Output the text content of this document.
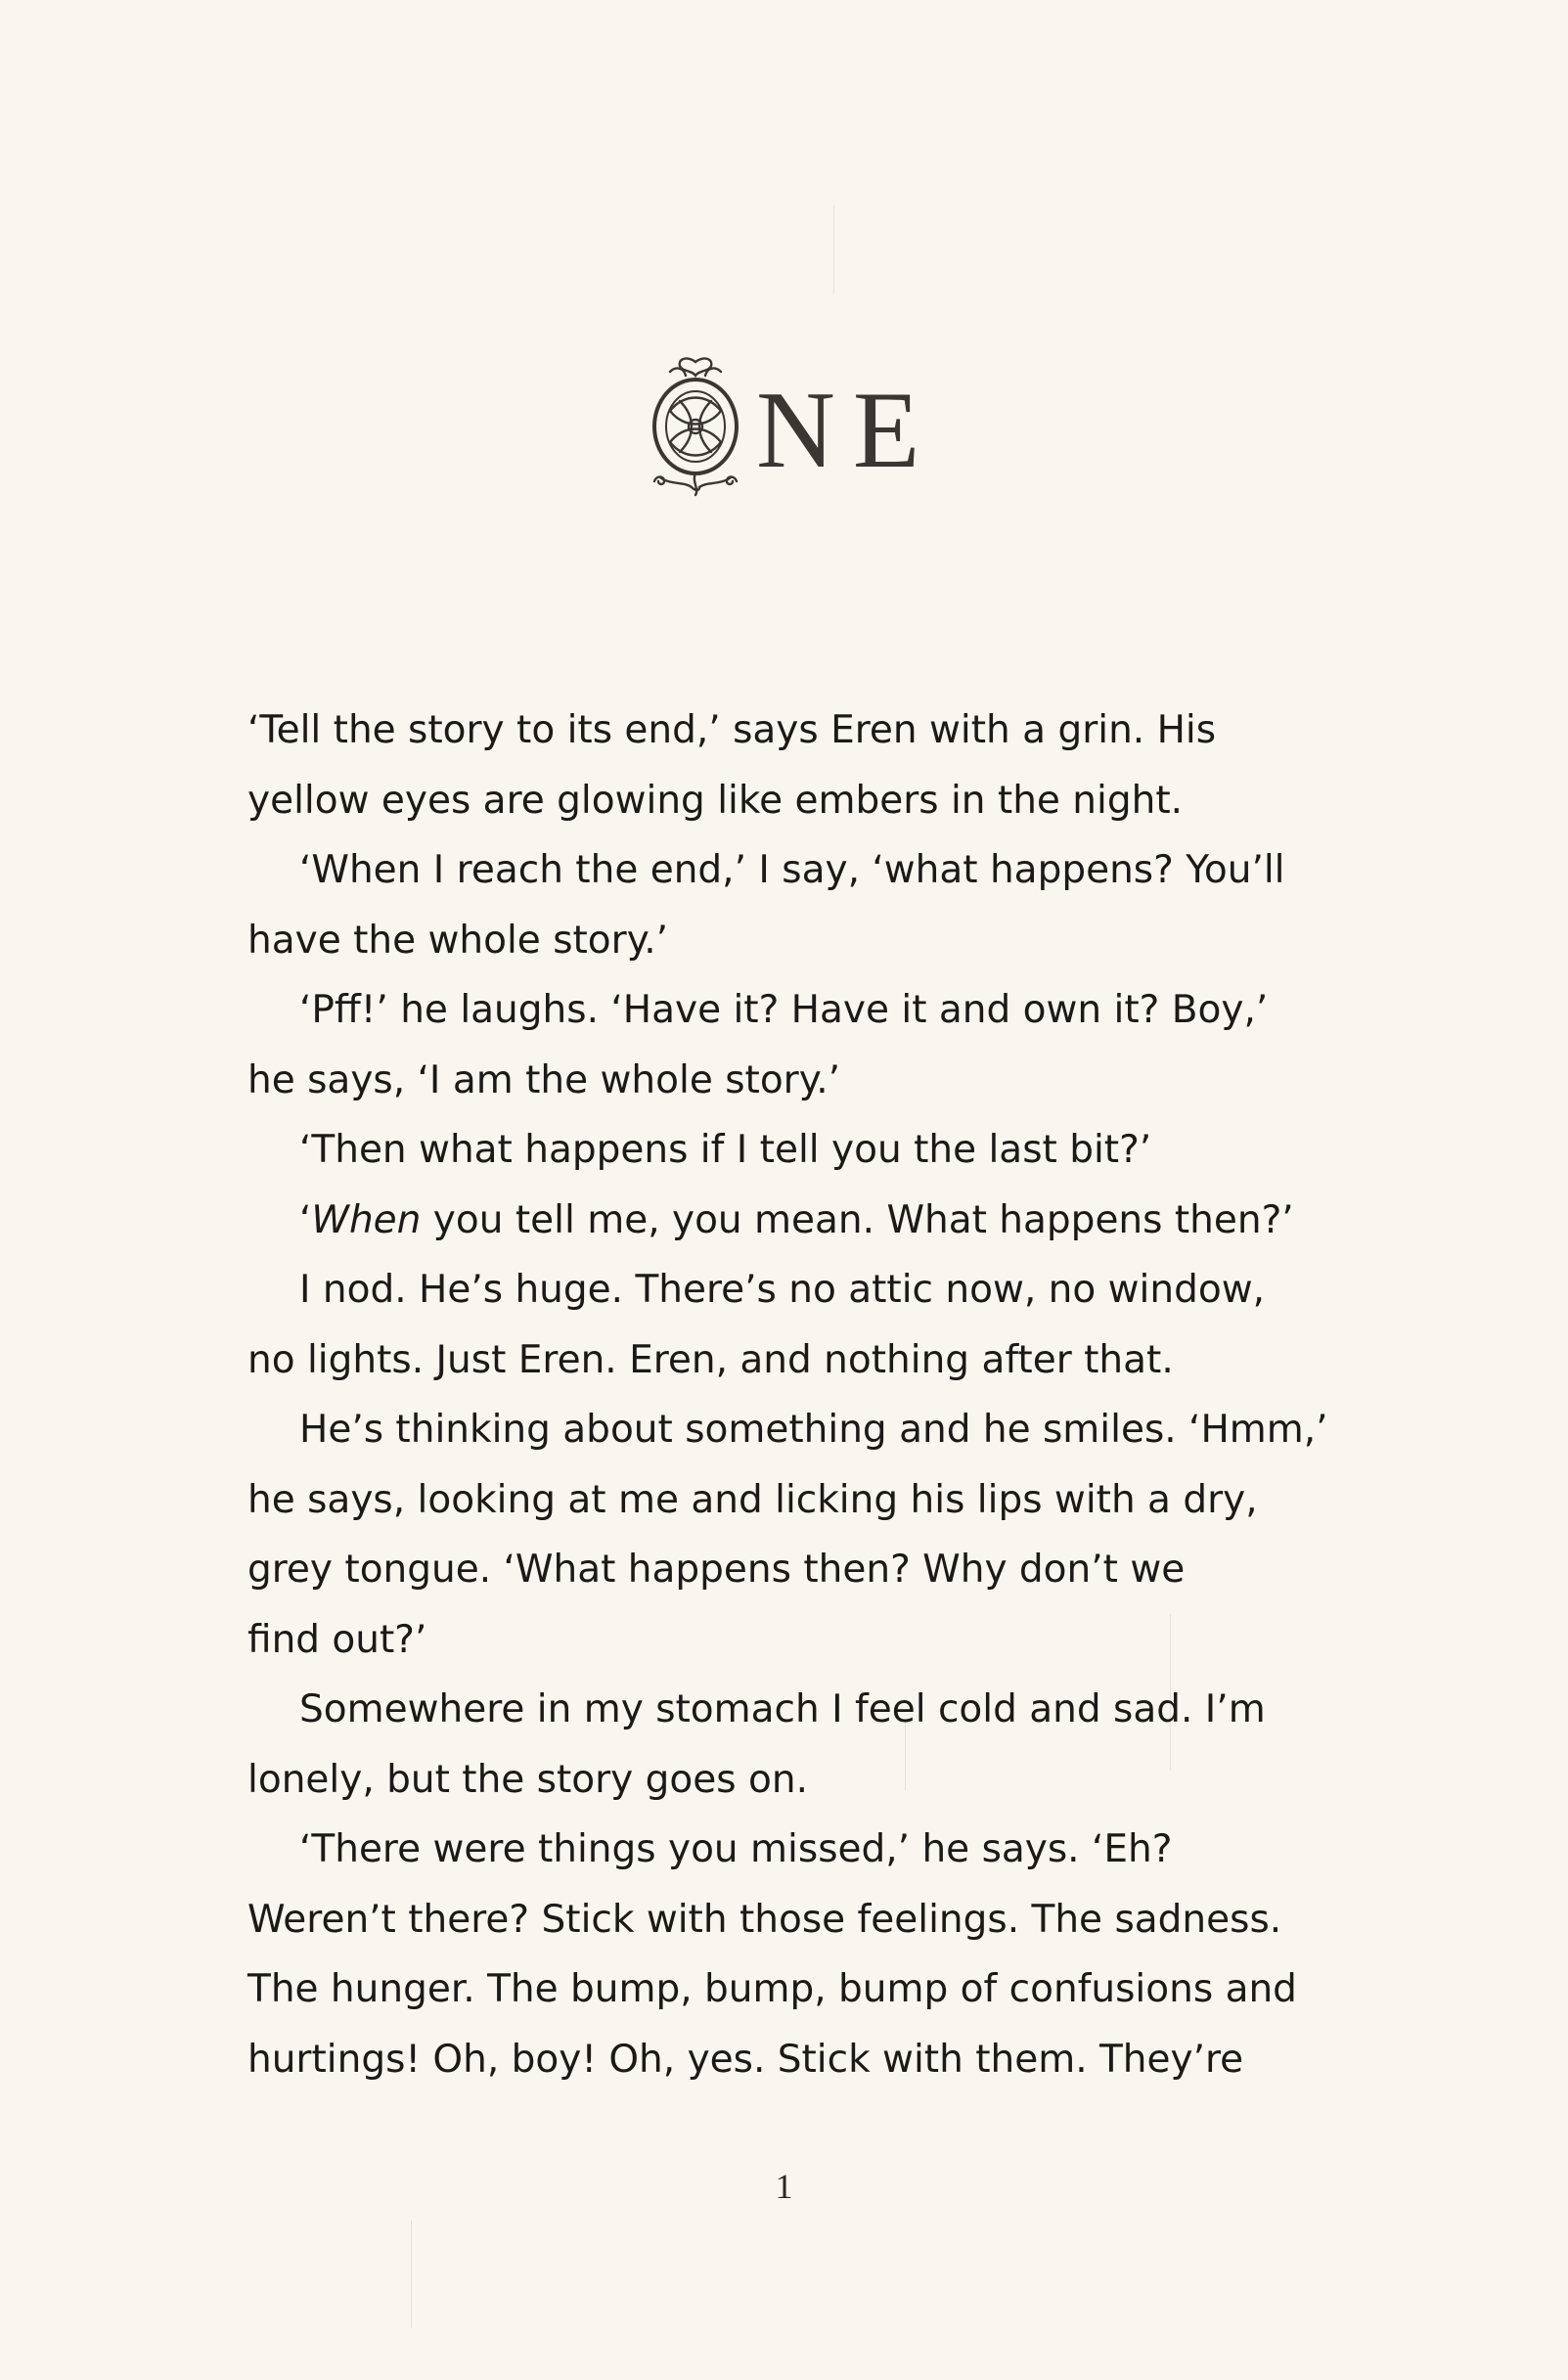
NE

‘Tell the story to its end,’ says Eren with a grin. His

yellow eyes are glowing like embers in the night.

‘When I reach the end,’ I say, ‘what happens? You’ll

have the whole story.’

‘Pff!’ he laughs. ‘Have it? Have it and own it? Boy,’

he says, ‘I am the whole story.’

‘Then what happens if I tell you the last bit?’

‘When you tell me, you mean. What happens then?’

I nod. He’s huge. There’s no attic now, no window,

no lights. Just Eren. Eren, and nothing after that.

He’s thinking about something and he smiles. ‘Hmm,’

he says, looking at me and licking his lips with a dry,

grey tongue. ‘What happens then? Why don’t we

find out?’

Somewhere in my stomach I feel cold and sad. I’m

lonely, but the story goes on.

‘There were things you missed,’ he says. ‘Eh?

Weren’t there? Stick with those feelings. The sadness.

The hunger. The bump, bump, bump of confusions and

hurtings! Oh, boy! Oh, yes. Stick with them. They’re

1
